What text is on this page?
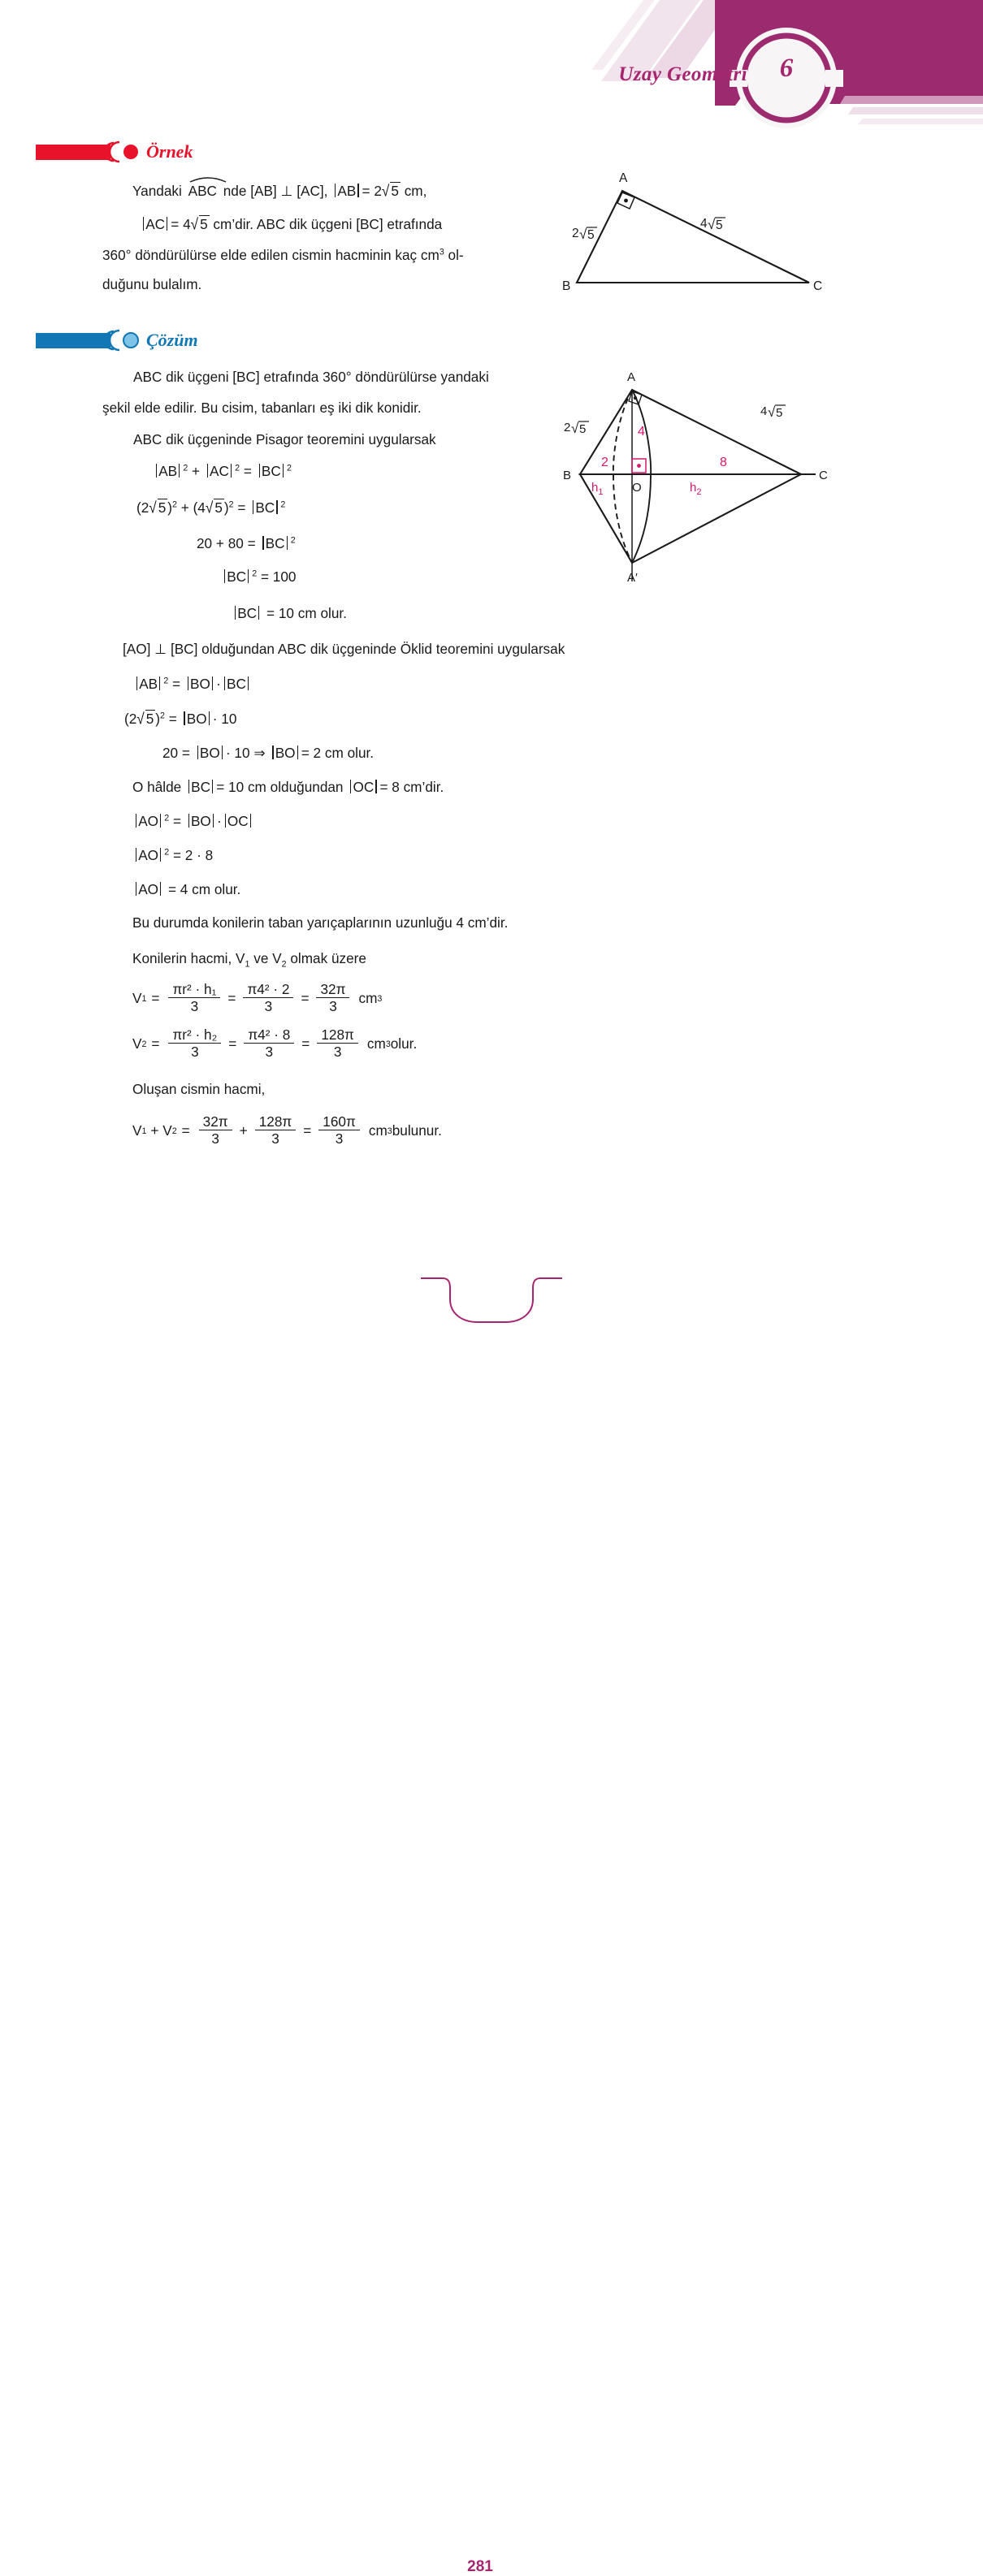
Uzay Geometri	6
Örnek
Yandaki ABC nde [AB] ⊥ [AC], AB = 2√ 5 cm,
AC = 4√ 5 cm’dir. ABC dik üçgeni [BC] etrafında
360° döndürülürse elde edilen cismin hacminin kaç $cm^3$ ol-
duğunu bulalım.
A
B	C
2 √ 5
4 √ 5
Çözüm
ABC dik üçgeni [BC] etrafında 360° döndürülürse yandaki
şekil elde edilir. Bu cisim, tabanları eş iki dik konidir.
ABC dik üçgeninde Pisagor teoremini uygularsak
AB $^2$ + AC $^2$ = BC $^2$
(2√ 5 )$^2$ + (4√ 5 )$^2$ = BC $^2$
20 + 80 = BC $^2$
BC $^2$ = 100
BC = 10 cm olur.
[AO] ⊥ [BC] olduğundan ABC dik üçgeninde Öklid teoremini uygularsak
AB $^2$ = BO · BC
(2√ 5 )$^2$ = BO · 10
20 = BO · 10 ⇒ BO = 2 cm olur.
O hâlde BC = 10 cm olduğundan OC = 8 cm’dir.
AO $^2$ = BO · OC
AO $^2$ = 2 · 8
AO = 4 cm olur.
Bu durumda konilerin taban yarıçaplarının uzunluğu 4 cm’dir.
Konilerin hacmi, $V_1$ ve $V_2$ olmak üzere
V $1 = \frac{\text{πr² · h₁}}{3} = \frac{\text{π4² · 2}}{3} = \frac{32\pi}{3}$ cm 3
V $2 = \frac{\text{πr² · h₂}}{3} = \frac{\text{π4² · 8}}{3} = \frac{128\pi}{3}$ cm 3 olur.
Oluşan cismin hacmi,
V 1 + V $2 = \frac{32\pi}{3} + \frac{128\pi}{3} = \frac{160\pi}{3}$ cm 3 bulunur.
A
A′
B	C
O
2 √ 5
4 √ 5
4
2	8
$h_1$	$h_2$
281
